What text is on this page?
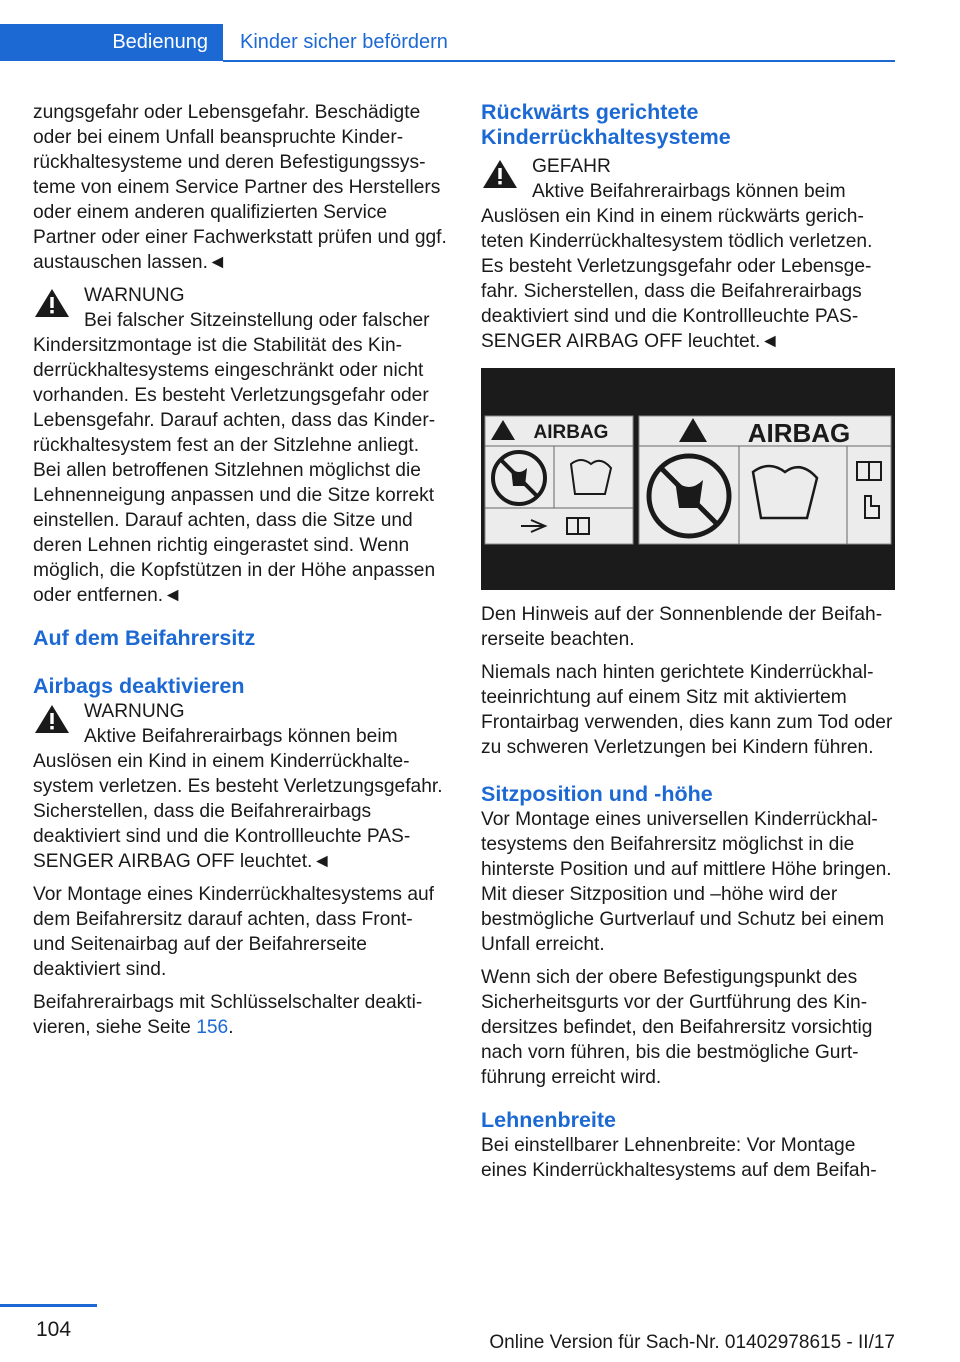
Bedienung	Kinder sicher befördern

zungsgefahr oder Lebensgefahr. Beschädigte oder bei einem Unfall beanspruchte Kinderrückhaltesysteme und deren Befestigungssysteme von einem Service Partner des Herstellers oder einem anderen qualifizierten Service Partner oder einer Fachwerkstatt prüfen und ggf. austauschen lassen.◄

WARNUNG
Bei falscher Sitzeinstellung oder falscher Kindersitzmontage ist die Stabilität des Kinderrückhaltesystems eingeschränkt oder nicht vorhanden. Es besteht Verletzungsgefahr oder Lebensgefahr. Darauf achten, dass das Kinderrückhaltesystem fest an der Sitzlehne anliegt. Bei allen betroffenen Sitzlehnen möglichst die Lehnenneigung anpassen und die Sitze korrekt einstellen. Darauf achten, dass die Sitze und deren Lehnen richtig eingerastet sind. Wenn möglich, die Kopfstützen in der Höhe anpassen oder entfernen.◄
Auf dem Beifahrersitz
Airbags deaktivieren
WARNUNG
Aktive Beifahrerairbags können beim Auslösen ein Kind in einem Kinderrückhaltesystem verletzen. Es besteht Verletzungsgefahr. Sicherstellen, dass die Beifahrerairbags deaktiviert sind und die Kontrollleuchte PASSENGER AIRBAG OFF leuchtet.◄

Vor Montage eines Kinderrückhaltesystems auf dem Beifahrersitz darauf achten, dass Front- und Seitenairbag auf der Beifahrerseite deaktiviert sind.

Beifahrerairbags mit Schlüsselschalter deaktivieren, siehe Seite 156.

Rückwärts gerichtete Kinderrückhaltesysteme
GEFAHR
Aktive Beifahrerairbags können beim Auslösen ein Kind in einem rückwärts gerichteten Kinderrückhaltesystem tödlich verletzen. Es besteht Verletzungsgefahr oder Lebensgefahr. Sicherstellen, dass die Beifahrerairbags deaktiviert sind und die Kontrollleuchte PASSENGER AIRBAG OFF leuchtet.◄
AIRBAG	AIRBAG

Den Hinweis auf der Sonnenblende der Beifahrerseite beachten.

Niemals nach hinten gerichtete Kinderrückhalteeinrichtung auf einem Sitz mit aktiviertem Frontairbag verwenden, dies kann zum Tod oder zu schweren Verletzungen bei Kindern führen.

Sitzposition und -höhe

Vor Montage eines universellen Kinderrückhaltesystems den Beifahrersitz möglichst in die hinterste Position und auf mittlere Höhe bringen. Mit dieser Sitzposition und –höhe wird der bestmögliche Gurtverlauf und Schutz bei einem Unfall erreicht.

Wenn sich der obere Befestigungspunkt des Sicherheitsgurts vor der Gurtführung des Kindersitzes befindet, den Beifahrersitz vorsichtig nach vorn führen, bis die bestmögliche Gurtführung erreicht wird.

Lehnenbreite

Bei einstellbarer Lehnenbreite: Vor Montage eines Kinderrückhaltesystems auf dem Beifah-

104
Online Version für Sach-Nr. 01402978615 - II/17
